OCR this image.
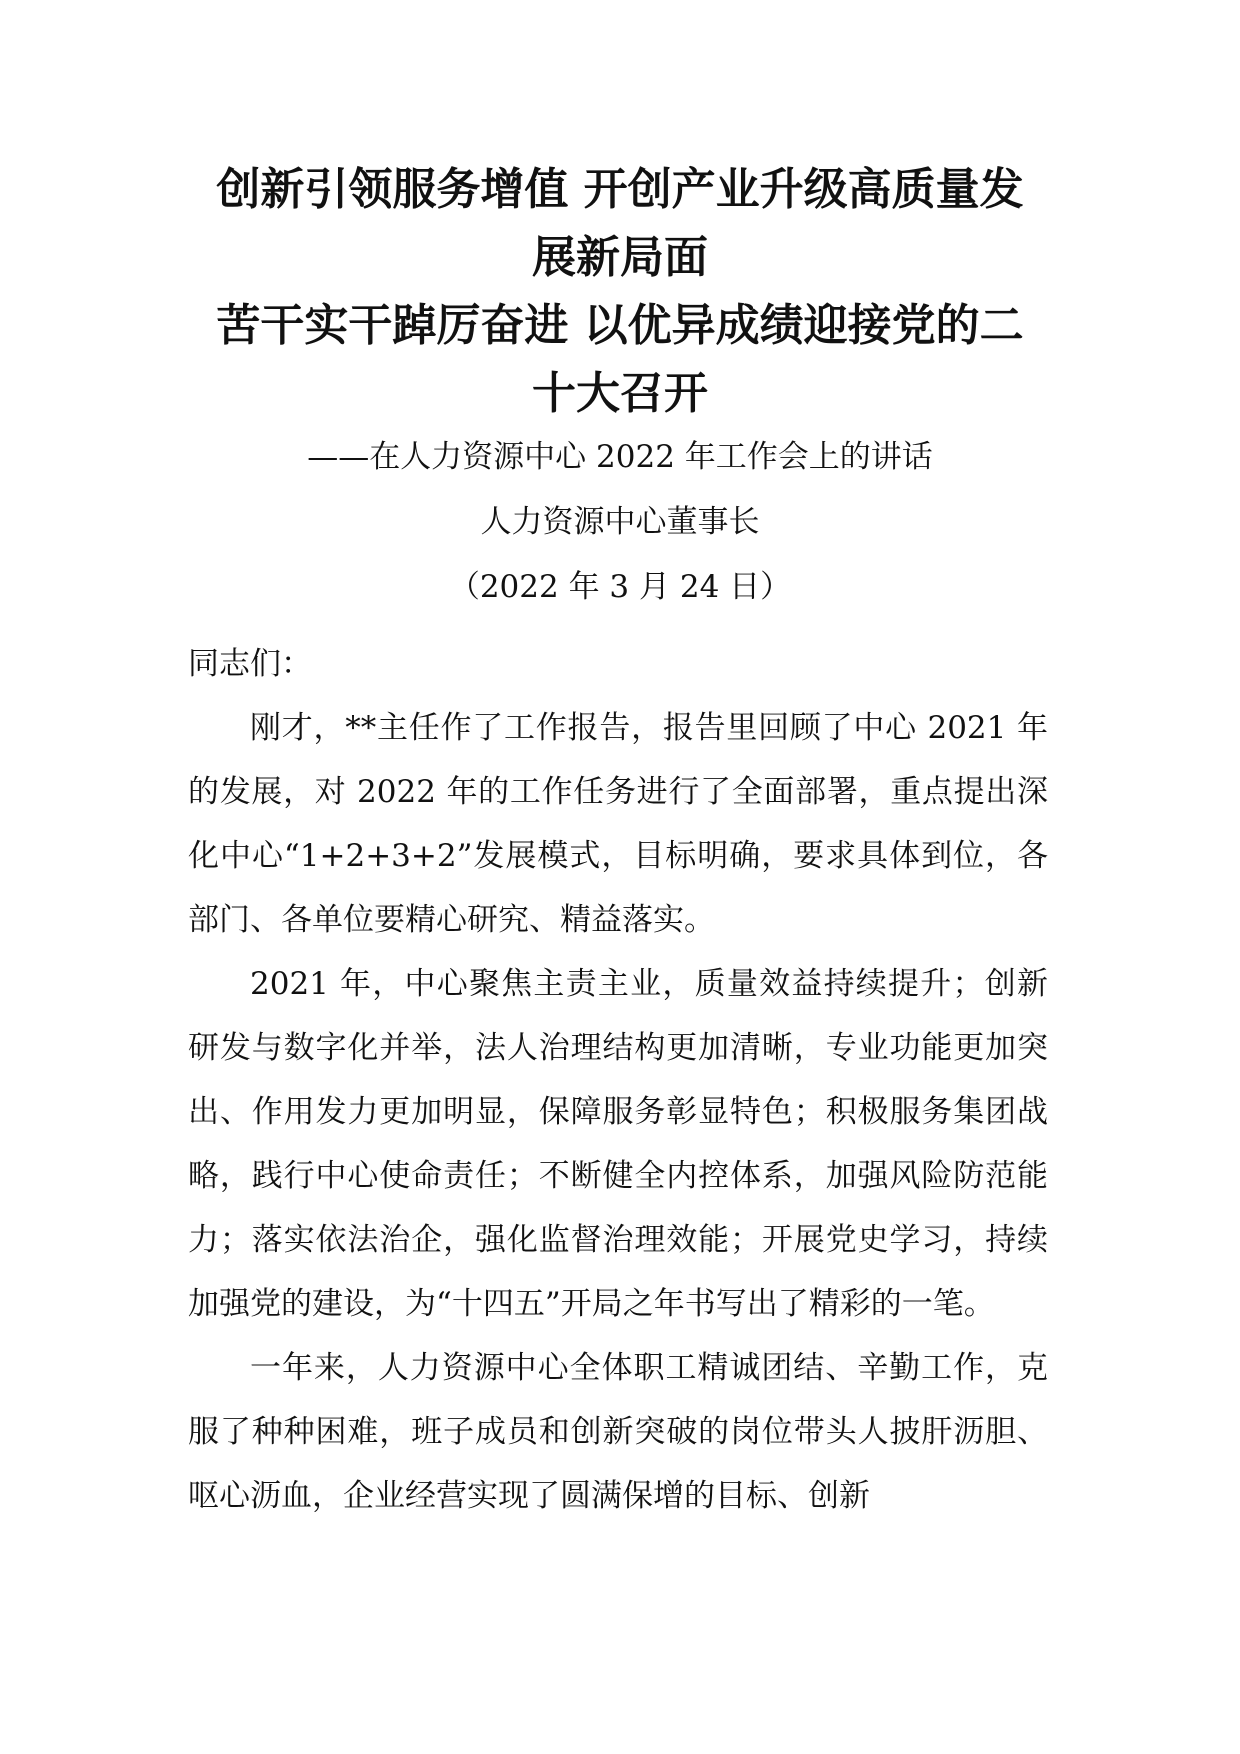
创新引领服务增值 开创产业升级高质量发

展新局面

苦干实干踔厉奋进 以优异成绩迎接党的二

十大召开

——在人力资源中心 2022 年工作会上的讲话
人力资源中心董事长
（2022 年 3 月 24 日）

同志们：

刚才，**主任作了工作报告，报告里回顾了中心 2021 年的发展，对 2022 年的工作任务进行了全面部署，重点提出深化中心“1+2+3+2”发展模式，目标明确，要求具体到位，各部门、各单位要精心研究、精益落实。

2021 年，中心聚焦主责主业，质量效益持续提升；创新研发与数字化并举，法人治理结构更加清晰，专业功能更加突出、作用发力更加明显，保障服务彰显特色；积极服务集团战略，践行中心使命责任；不断健全内控体系，加强风险防范能力；落实依法治企，强化监督治理效能；开展党史学习，持续加强党的建设，为“十四五”开局之年书写出了精彩的一笔。

一年来，人力资源中心全体职工精诚团结、辛勤工作，克服了种种困难，班子成员和创新突破的岗位带头人披肝沥胆、呕心沥血，企业经营实现了圆满保增的目标、创新
